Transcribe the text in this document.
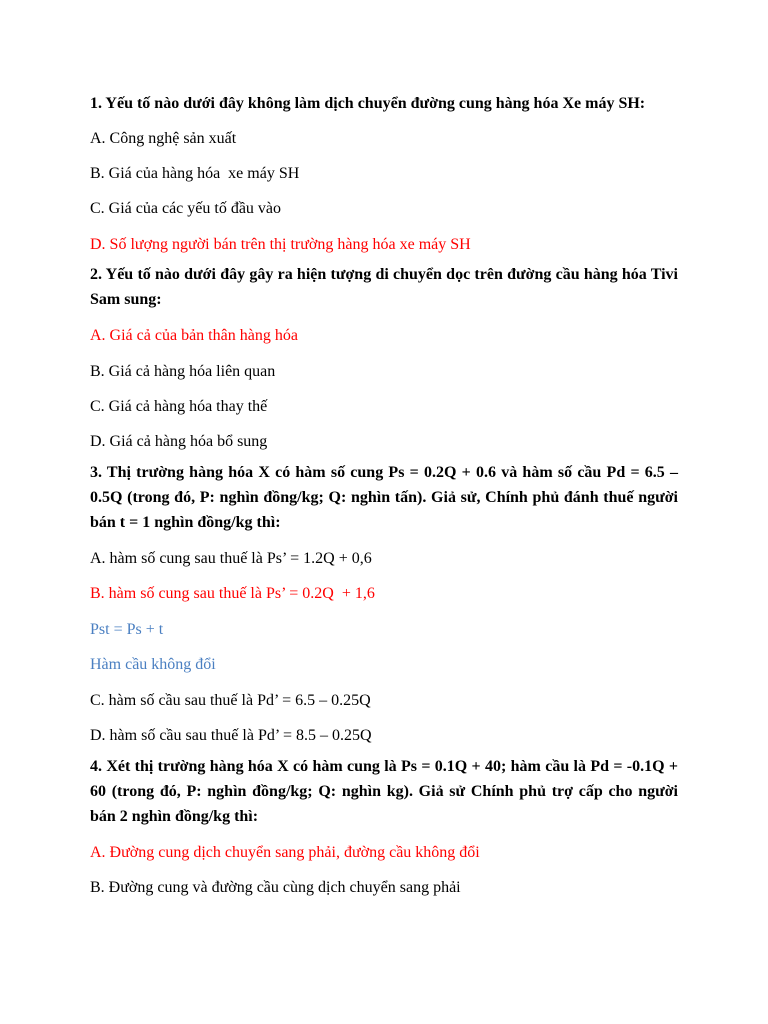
1. Yếu tố nào dưới đây không làm dịch chuyển đường cung hàng hóa Xe máy SH:

A. Công nghệ sản xuất

B. Giá của hàng hóa  xe máy SH

C. Giá của các yếu tố đầu vào

D. Số lượng người bán trên thị trường hàng hóa xe máy SH

2. Yếu tố nào dưới đây gây ra hiện tượng di chuyển dọc trên đường cầu hàng hóa Tivi Sam sung:

A. Giá cả của bản thân hàng hóa

B. Giá cả hàng hóa liên quan

C. Giá cả hàng hóa thay thế

D. Giá cả hàng hóa bổ sung

3. Thị trường hàng hóa X có hàm số cung Ps = 0.2Q + 0.6 và hàm số cầu Pd = 6.5 – 0.5Q (trong đó, P: nghìn đồng/kg; Q: nghìn tấn). Giả sử, Chính phủ đánh thuế người bán t = 1 nghìn đồng/kg thì:

A. hàm số cung sau thuế là Ps’ = 1.2Q + 0,6

B. hàm số cung sau thuế là Ps’ = 0.2Q  + 1,6

Pst = Ps + t

Hàm cầu không đổi

C. hàm số cầu sau thuế là Pd’ = 6.5 – 0.25Q

D. hàm số cầu sau thuế là Pd’ = 8.5 – 0.25Q

4. Xét thị trường hàng hóa X có hàm cung là Ps = 0.1Q + 40; hàm cầu là Pd = -0.1Q + 60 (trong đó, P: nghìn đồng/kg; Q: nghìn kg). Giả sử Chính phủ trợ cấp cho người bán 2 nghìn đồng/kg thì:

A. Đường cung dịch chuyển sang phải, đường cầu không đổi

B. Đường cung và đường cầu cùng dịch chuyển sang phải
